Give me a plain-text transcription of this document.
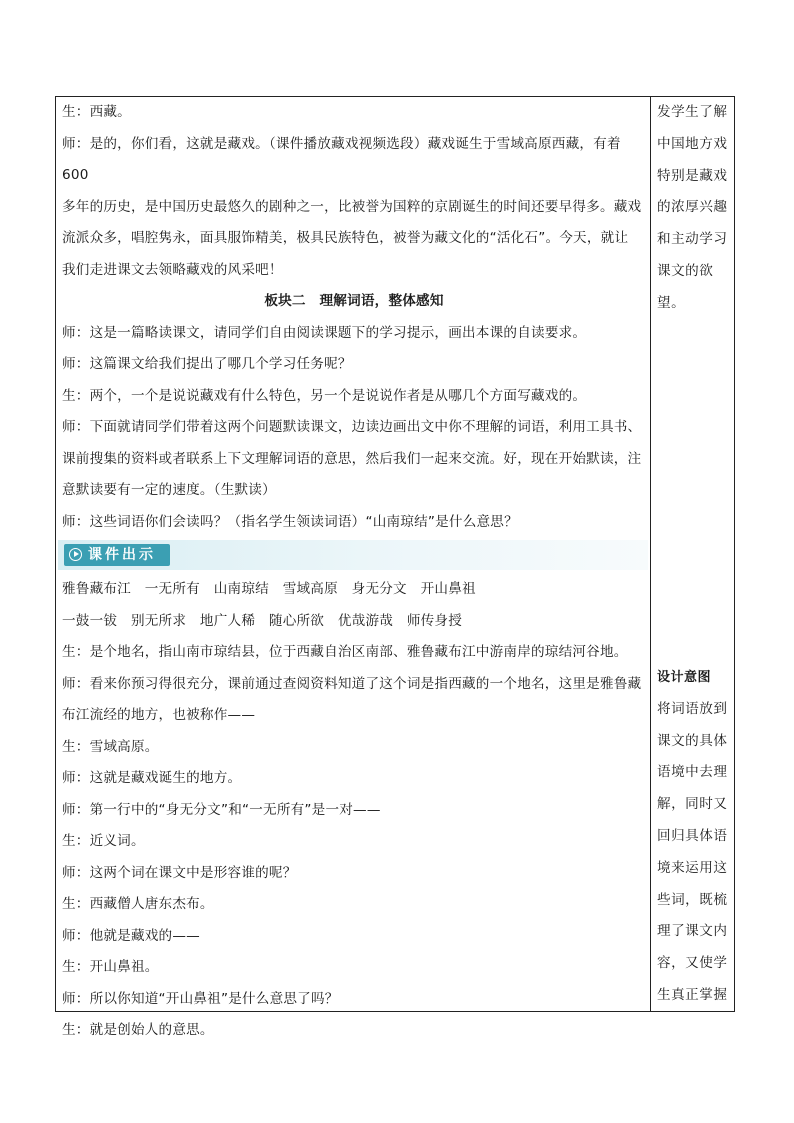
生：西藏。

师：是的，你们看，这就是藏戏。（课件播放藏戏视频选段）藏戏诞生于雪域高原西藏，有着 600

多年的历史，是中国历史最悠久的剧种之一，比被誉为国粹的京剧诞生的时间还要早得多。藏戏

流派众多，唱腔隽永，面具服饰精美，极具民族特色，被誉为藏文化的“活化石”。今天，就让

我们走进课文去领略藏戏的风采吧！

板块二　理解词语，整体感知

师：这是一篇略读课文，请同学们自由阅读课题下的学习提示，画出本课的自读要求。

师：这篇课文给我们提出了哪几个学习任务呢？

生：两个，一个是说说藏戏有什么特色，另一个是说说作者是从哪几个方面写藏戏的。

师：下面就请同学们带着这两个问题默读课文，边读边画出文中你不理解的词语，利用工具书、

课前搜集的资料或者联系上下文理解词语的意思，然后我们一起来交流。好，现在开始默读，注

意默读要有一定的速度。（生默读）

师：这些词语你们会读吗？（指名学生领读词语）“山南琼结”是什么意思？

课件出示

雅鲁藏布江　一无所有　山南琼结　雪域高原　身无分文　开山鼻祖

一鼓一钹　别无所求　地广人稀　随心所欲　优哉游哉　师传身授

生：是个地名，指山南市琼结县，位于西藏自治区南部、雅鲁藏布江中游南岸的琼结河谷地。

师：看来你预习得很充分，课前通过查阅资料知道了这个词是指西藏的一个地名，这里是雅鲁藏

布江流经的地方，也被称作——

生：雪域高原。

师：这就是藏戏诞生的地方。

师：第一行中的“身无分文”和“一无所有”是一对——

生：近义词。

师：这两个词在课文中是形容谁的呢？

生：西藏僧人唐东杰布。

师：他就是藏戏的——

生：开山鼻祖。

师：所以你知道“开山鼻祖”是什么意思了吗？

生：就是创始人的意思。

发学生了解

中国地方戏

特别是藏戏

的浓厚兴趣

和主动学习

课文的欲望。

设计意图

将词语放到

课文的具体

语境中去理

解，同时又

回归具体语

境来运用这

些词，既梳

理了课文内

容，又使学

生真正掌握
